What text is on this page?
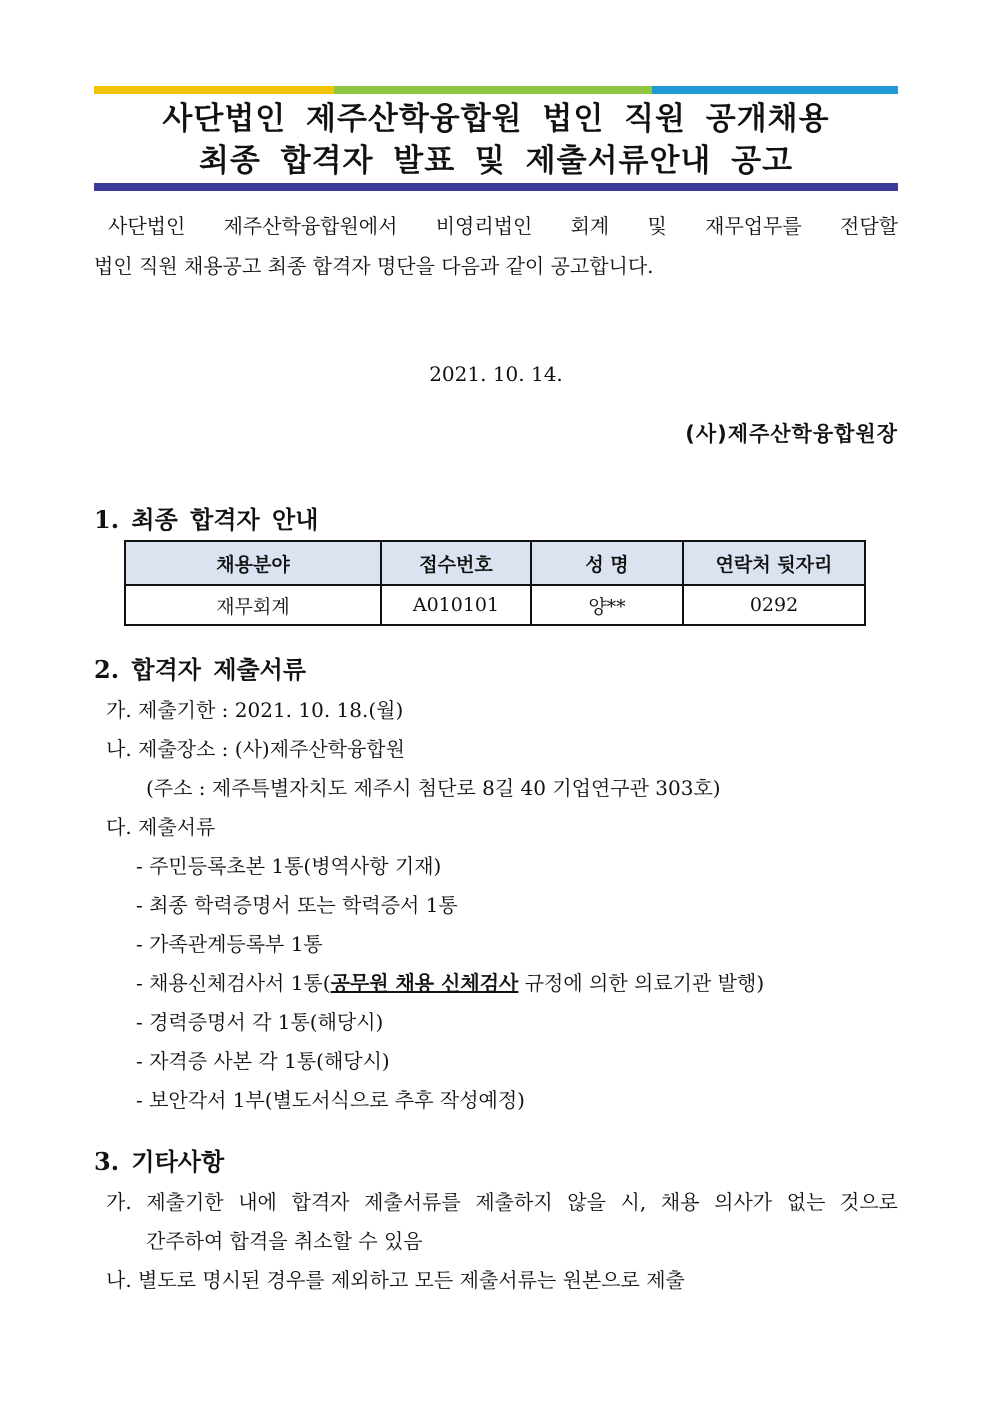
사단법인 제주산학융합원 법인 직원 공개채용
최종 합격자 발표 및 제출서류안내 공고
사단법인 제주산학융합원에서 비영리법인 회계 및 재무업무를 전담할
법인 직원 채용공고 최종 합격자 명단을 다음과 같이 공고합니다.
2021. 10. 14.
(사)제주산학융합원장
1. 최종 합격자 안내
채용분야	접수번호	성 명	연락처 뒷자리
재무회계	A010101	양**	0292
2. 합격자 제출서류
가. 제출기한 : 2021. 10. 18.(월)
나. 제출장소 : (사)제주산학융합원
(주소 : 제주특별자치도 제주시 첨단로 8길 40 기업연구관 303호)
다. 제출서류
- 주민등록초본 1통(병역사항 기재)
- 최종 학력증명서 또는 학력증서 1통
- 가족관계등록부 1통
- 채용신체검사서 1통(공무원 채용 신체검사 규정에 의한 의료기관 발행)
- 경력증명서 각 1통(해당시)
- 자격증 사본 각 1통(해당시)
- 보안각서 1부(별도서식으로 추후 작성예정)
3. 기타사항
가. 제출기한 내에 합격자 제출서류를 제출하지 않을 시, 채용 의사가 없는 것으로
간주하여 합격을 취소할 수 있음
나. 별도로 명시된 경우를 제외하고 모든 제출서류는 원본으로 제출
